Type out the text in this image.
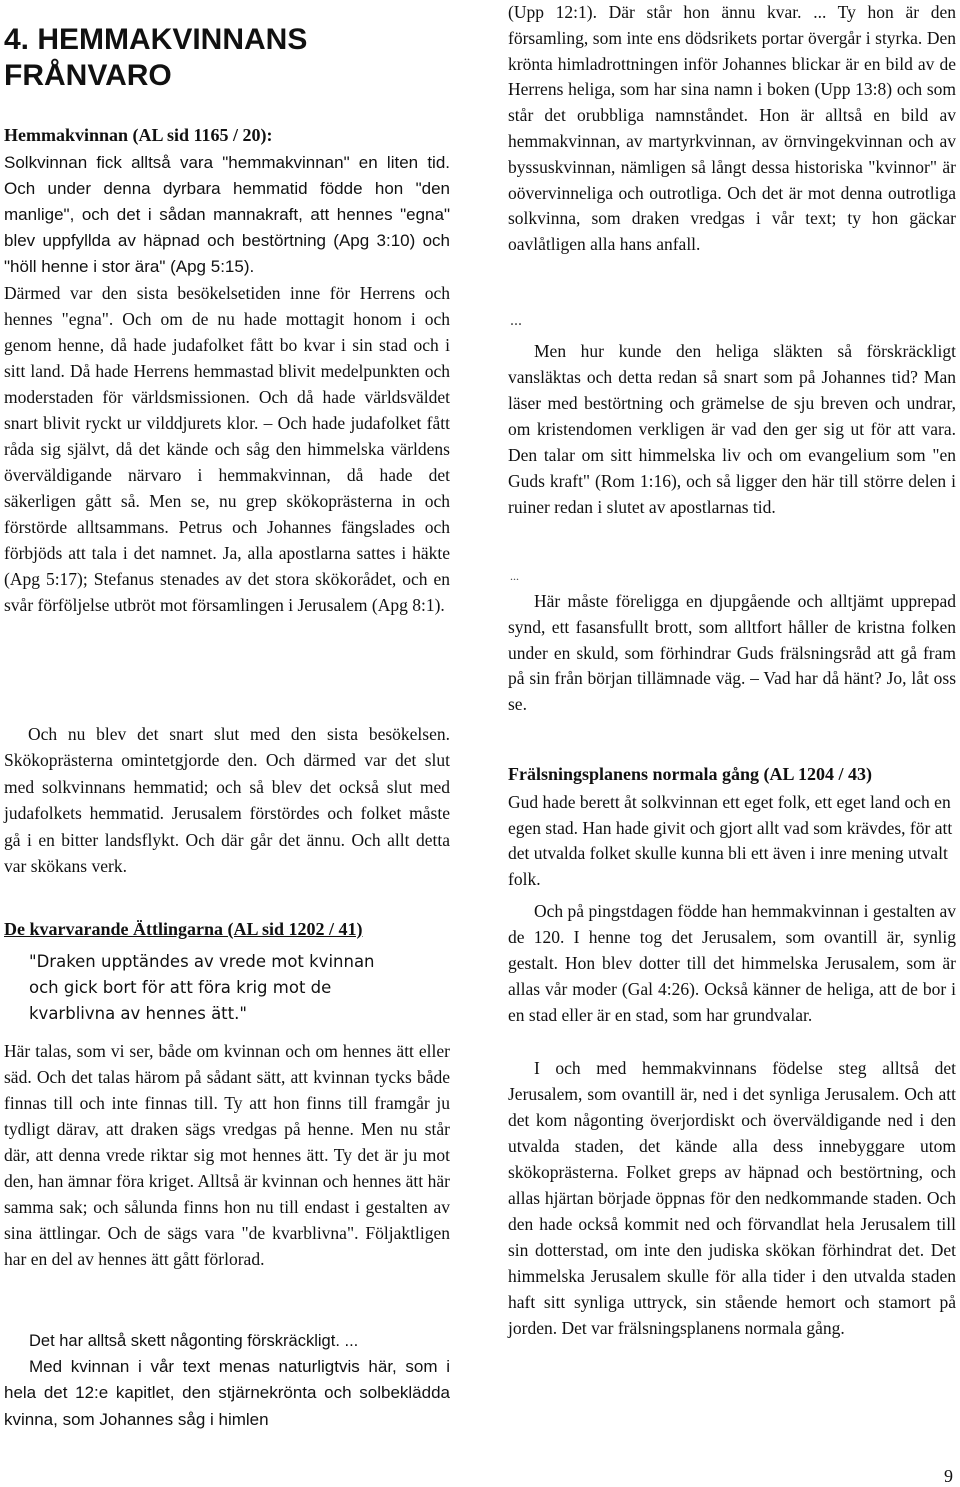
4. HEMMAKVINNANS FRÅNVARO
Hemmakvinnan (AL sid 1165 / 20):

Solkvinnan fick alltså vara "hemmakvinnan" en liten tid. Och under denna dyrbara hemmatid födde hon "den manlige", och det i sådan mannakraft, att hennes "egna" blev uppfyllda av häpnad och bestörtning (Apg 3:10) och "höll henne i stor ära" (Apg 5:15).

Därmed var den sista besökelsetiden inne för Herrens och hennes "egna". Och om de nu hade mottagit honom i och genom henne, då hade judafolket fått bo kvar i sin stad och i sitt land. Då hade Herrens hemmastad blivit medelpunkten och moderstaden för världsmissionen. Och då hade världsväldet snart blivit ryckt ur vilddjurets klor. – Och hade judafolket fått råda sig självt, då det kände och såg den himmelska världens överväldigande närvaro i hemmakvinnan, då hade det säkerligen gått så. Men se, nu grep skökoprästerna in och förstörde alltsammans. Petrus och Johannes fängslades och förbjöds att tala i det namnet. Ja, alla apostlarna sattes i häkte (Apg 5:17); Stefanus stenades av det stora skökorådet, och en svår förföljelse utbröt mot församlingen i Jerusalem (Apg 8:1).

Och nu blev det snart slut med den sista besökelsen. Skökoprästerna omintetgjorde den. Och därmed var det slut med solkvinnans hemmatid; och så blev det också slut med judafolkets hemmatid. Jerusalem förstördes och folket måste gå i en bitter landsflykt. Och där går det ännu. Och allt detta var skökans verk.

De kvarvarande Ättlingarna (AL sid 1202 / 41)
"Draken upptändes av vrede mot kvinnan
och gick bort för att föra krig mot de
kvarblivna av hennes ätt."

Här talas, som vi ser, både om kvinnan och om hennes ätt eller säd. Och det talas härom på sådant sätt, att kvinnan tycks både finnas till och inte finnas till. Ty att hon finns till framgår ju tydligt därav, att draken sägs vredgas på henne. Men nu står där, att denna vrede riktar sig mot hennes ätt. Ty det är ju mot den, han ämnar föra kriget. Alltså är kvinnan och hennes ätt här samma sak; och sålunda finns hon nu till endast i gestalten av sina ättlingar. Och de sägs vara "de kvarblivna". Följaktligen har en del av hennes ätt gått förlorad.

Det har alltså skett någonting förskräckligt. ...

Med kvinnan i vår text menas naturligtvis här, som i hela det 12:e kapitlet, den stjärnekrönta och solbeklädda kvinna, som Johannes såg i himlen

(Upp 12:1). Där står hon ännu kvar. ... Ty hon är den församling, som inte ens dödsrikets portar övergår i styrka. Den krönta himladrottningen inför Johannes blickar är en bild av de Herrens heliga, som har sina namn i boken (Upp 13:8) och som står det orubbliga namnståndet. Hon är alltså en bild av hemmakvinnan, av martyrkvinnan, av örnvingekvinnan och av byssuskvinnan, nämligen så långt dessa historiska "kvinnor" är oövervinneliga och outrotliga. Och det är mot denna outrotliga solkvinna, som draken vredgas i vår text; ty hon gäckar oavlåtligen alla hans anfall.

...

Men hur kunde den heliga släkten så förskräckligt vansläktas och detta redan så snart som på Johannes tid? Man läser med bestörtning och grämelse de sju breven och undrar, om kristendomen verkligen är vad den ger sig ut för att vara. Den talar om sitt himmelska liv och om evangelium som "en Guds kraft" (Rom 1:16), och så ligger den här till större delen i ruiner redan i slutet av apostlarnas tid.

...

Här måste föreligga en djupgående och alltjämt upprepad synd, ett fasansfullt brott, som alltfort håller de kristna folken under en skuld, som förhindrar Guds frälsningsråd att gå fram på sin från början tillämnade väg. – Vad har då hänt? Jo, låt oss se.

Frälsningsplanens normala gång (AL 1204 / 43)

Gud hade berett åt solkvinnan ett eget folk, ett eget land och en egen stad. Han hade givit och gjort allt vad som krävdes, för att det utvalda folket skulle kunna bli ett även i inre mening utvalt folk.

Och på pingstdagen födde han hemmakvinnan i gestalten av de 120. I henne tog det Jerusalem, som ovantill är, synlig gestalt. Hon blev dotter till det himmelska Jerusalem, som är allas vår moder (Gal 4:26). Också känner de heliga, att de bor i en stad eller är en stad, som har grundvalar.

I och med hemmakvinnans födelse steg alltså det Jerusalem, som ovantill är, ned i det synliga Jerusalem. Och att det kom någonting överjordiskt och överväldigande ned i den utvalda staden, det kände alla dess innebyggare utom skökoprästerna. Folket greps av häpnad och bestörtning, och allas hjärtan började öppnas för den nedkommande staden. Och den hade också kommit ned och förvandlat hela Jerusalem till sin dotterstad, om inte den judiska skökan förhindrat det. Det himmelska Jerusalem skulle för alla tider i den utvalda staden haft sitt synliga uttryck, sin stående hemort och stamort på jorden. Det var frälsningsplanens normala gång.

9
